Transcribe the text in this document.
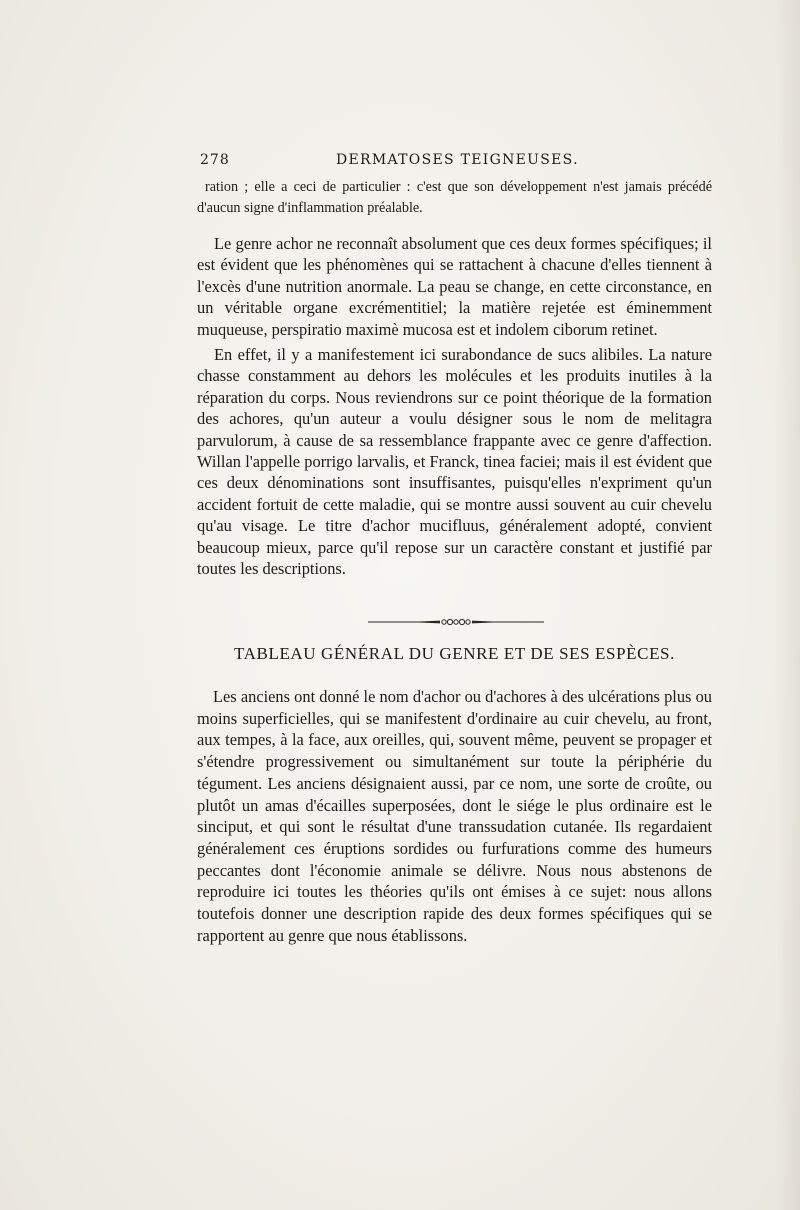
278	DERMATOSES TEIGNEUSES.

ration ; elle a ceci de particulier : c'est que son développement n'est jamais précédé d'aucun signe d'inflammation préalable.

Le genre achor ne reconnaît absolument que ces deux formes spécifiques; il est évident que les phénomènes qui se rattachent à chacune d'elles tiennent à l'excès d'une nutrition anormale. La peau se change, en cette circonstance, en un véritable organe excrémentitiel; la matière rejetée est éminemment muqueuse, perspiratio maximè mucosa est et indolem ciborum retinet.

En effet, il y a manifestement ici surabondance de sucs alibiles. La nature chasse constamment au dehors les molécules et les produits inutiles à la réparation du corps. Nous reviendrons sur ce point théorique de la formation des achores, qu'un auteur a voulu désigner sous le nom de melitagra parvulorum, à cause de sa ressemblance frappante avec ce genre d'affection. Willan l'appelle porrigo larvalis, et Franck, tinea faciei; mais il est évident que ces deux dénominations sont insuffisantes, puisqu'elles n'expriment qu'un accident fortuit de cette maladie, qui se montre aussi souvent au cuir chevelu qu'au visage. Le titre d'achor mucifluus, généralement adopté, convient beaucoup mieux, parce qu'il repose sur un caractère constant et justifié par toutes les descriptions.

TABLEAU GÉNÉRAL DU GENRE ET DE SES ESPÈCES.

Les anciens ont donné le nom d'achor ou d'achores à des ulcérations plus ou moins superficielles, qui se manifestent d'ordinaire au cuir chevelu, au front, aux tempes, à la face, aux oreilles, qui, souvent même, peuvent se propager et s'étendre progressivement ou simultanément sur toute la périphérie du tégument. Les anciens désignaient aussi, par ce nom, une sorte de croûte, ou plutôt un amas d'écailles superposées, dont le siége le plus ordinaire est le sinciput, et qui sont le résultat d'une transsudation cutanée. Ils regardaient généralement ces éruptions sordides ou furfurations comme des humeurs peccantes dont l'économie animale se délivre. Nous nous abstenons de reproduire ici toutes les théories qu'ils ont émises à ce sujet: nous allons toutefois donner une description rapide des deux formes spécifiques qui se rapportent au genre que nous établissons.
